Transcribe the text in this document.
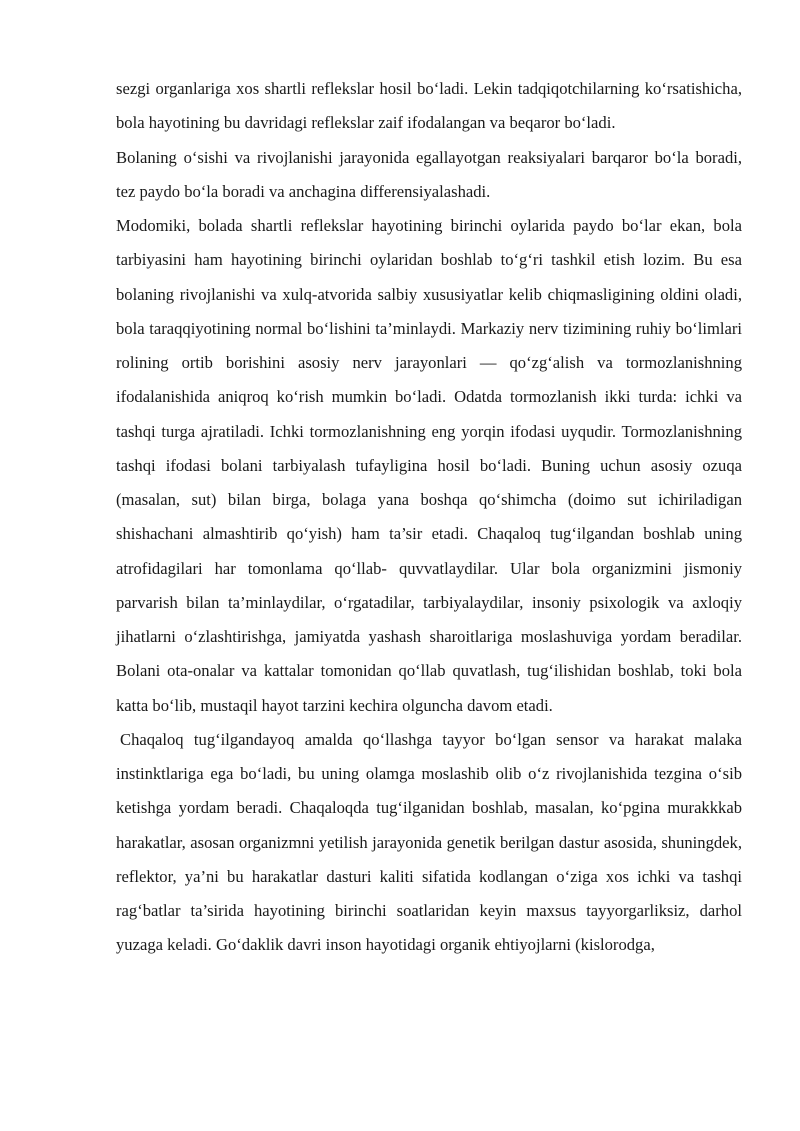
sezgi organlariga xos shartli reflekslar hosil bo‘ladi. Lekin tadqiqotchilarning ko‘rsatishicha, bola hayotining bu davridagi reflekslar zaif ifodalangan va beqaror bo‘ladi.

Bolaning o‘sishi va rivojlanishi jarayonida egallayotgan reaksiyalari barqaror bo‘la boradi, tez paydo bo‘la boradi va anchagina differensiyalashadi.

Modomiki, bolada shartli reflekslar hayotining birinchi oylarida paydo bo‘lar ekan, bola tarbiyasini ham hayotining birinchi oylaridan boshlab to‘g‘ri tashkil etish lozim. Bu esa bolaning rivojlanishi va xulq-atvorida salbiy xususiyatlar kelib chiqmasligining oldini oladi, bola taraqqiyotining normal bo‘lishini ta’minlaydi. Markaziy nerv tizimining ruhiy bo‘limlari rolining ortib borishini asosiy nerv jarayonlari — qo‘zg‘alish va tormozlanishning ifodalanishida aniqroq ko‘rish mumkin bo‘ladi. Odatda tormozlanish ikki turda: ichki va tashqi turga ajratiladi. Ichki tormozlanishning eng yorqin ifodasi uyqudir. Tormozlanishning tashqi ifodasi bolani tarbiyalash tufayligina hosil bo‘ladi. Buning uchun asosiy ozuqa (masalan, sut) bilan birga, bolaga yana boshqa qo‘shimcha (doimo sut ichiriladigan shishachani almashtirib qo‘yish) ham ta’sir etadi. Chaqaloq tug‘ilgandan boshlab uning atrofidagilari har tomonlama qo‘llab- quvvatlaydilar. Ular bola organizmini jismoniy parvarish bilan ta’minlaydilar, o‘rgatadilar, tarbiyalaydilar, insoniy psixologik va axloqiy jihatlarni o‘zlashtirishga, jamiyatda yashash sharoitlariga moslashuviga yordam beradilar. Bolani ota-onalar va kattalar tomonidan qo‘llab quvatlash, tug‘ilishidan boshlab, toki bola katta bo‘lib, mustaqil hayot tarzini kechira olguncha davom etadi.

Chaqaloq tug‘ilgandayoq amalda qo‘llashga tayyor bo‘lgan sensor va harakat malaka instinktlariga ega bo‘ladi, bu uning olamga moslashib olib o‘z rivojlanishida tezgina o‘sib ketishga yordam beradi. Chaqaloqda tug‘ilganidan boshlab, masalan, ko‘pgina murakkkab harakatlar, asosan organizmni yetilish jarayonida genetik berilgan dastur asosida, shuningdek, reflektor, ya’ni bu harakatlar dasturi kaliti sifatida kodlangan o‘ziga xos ichki va tashqi rag‘batlar ta’sirida hayotining birinchi soatlaridan keyin maxsus tayyorgarliksiz, darhol yuzaga keladi. Go‘daklik davri inson hayotidagi organik ehtiyojlarni (kislorodga,
